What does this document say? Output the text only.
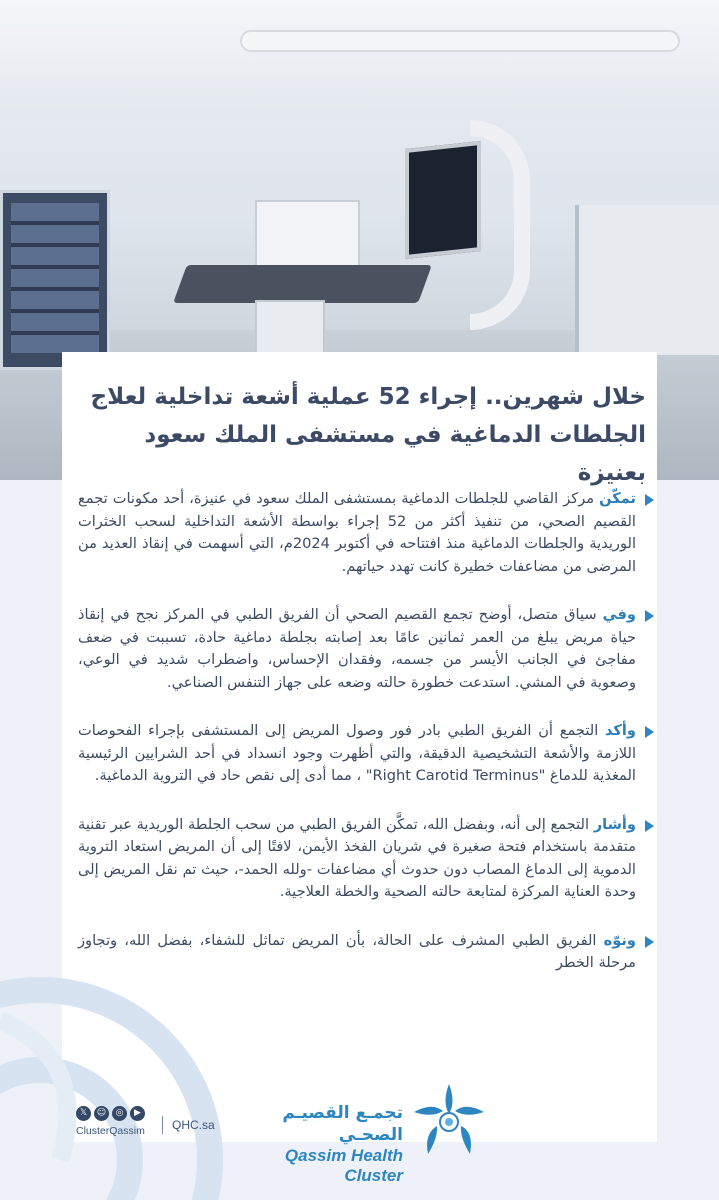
خلال شهرين.. إجراء 52 عملية أشعة تداخلية لعلاج
الجلطات الدماغية في مستشفى الملك سعود بعنيزة
تمكّن مركز القاضي للجلطات الدماغية بمستشفى الملك سعود في عنيزة، أحد مكونات تجمع القصيم الصحي، من تنفيذ أكثر من 52 إجراء بواسطة الأشعة التداخلية لسحب الخثرات الوريدية والجلطات الدماغية منذ افتتاحه في أكتوبر 2024م، التي أسهمت في إنقاذ العديد من المرضى من مضاعفات خطيرة كانت تهدد حياتهم.
وفي سياق متصل، أوضح تجمع القصيم الصحي أن الفريق الطبي في المركز نجح في إنقاذ حياة مريض يبلغ من العمر ثمانين عامًا بعد إصابته بجلطة دماغية حادة، تسببت في ضعف مفاجئ في الجانب الأيسر من جسمه، وفقدان الإحساس، واضطراب شديد في الوعي، وصعوبة في المشي. استدعت خطورة حالته وضعه على جهاز التنفس الصناعي.
وأكد التجمع أن الفريق الطبي بادر فور وصول المريض إلى المستشفى بإجراء الفحوصات اللازمة والأشعة التشخيصية الدقيقة، والتي أظهرت وجود انسداد في أحد الشرايين الرئيسية المغذية للدماغ "Right Carotid Terminus" ، مما أدى إلى نقص حاد في التروية الدماغية.
وأشار التجمع إلى أنه، وبفضل الله، تمكَّن الفريق الطبي من سحب الجلطة الوريدية عبر تقنية متقدمة باستخدام فتحة صغيرة في شريان الفخذ الأيمن، لافتًا إلى أن المريض استعاد التروية الدموية إلى الدماغ المصاب دون حدوث أي مضاعفات -ولله الحمد-، حيث تم نقل المريض إلى وحدة العناية المركزة لمتابعة حالته الصحية والخطة العلاجية.
ونوّه الفريق الطبي المشرف على الحالة، بأن المريض تماثل للشفاء، بفضل الله، وتجاوز مرحلة الخطر
تجمـع القصيـم الصحـي
Qassim Health Cluster
QHC.sa
𝕏	☺	◎	▶
ClusterQassim
